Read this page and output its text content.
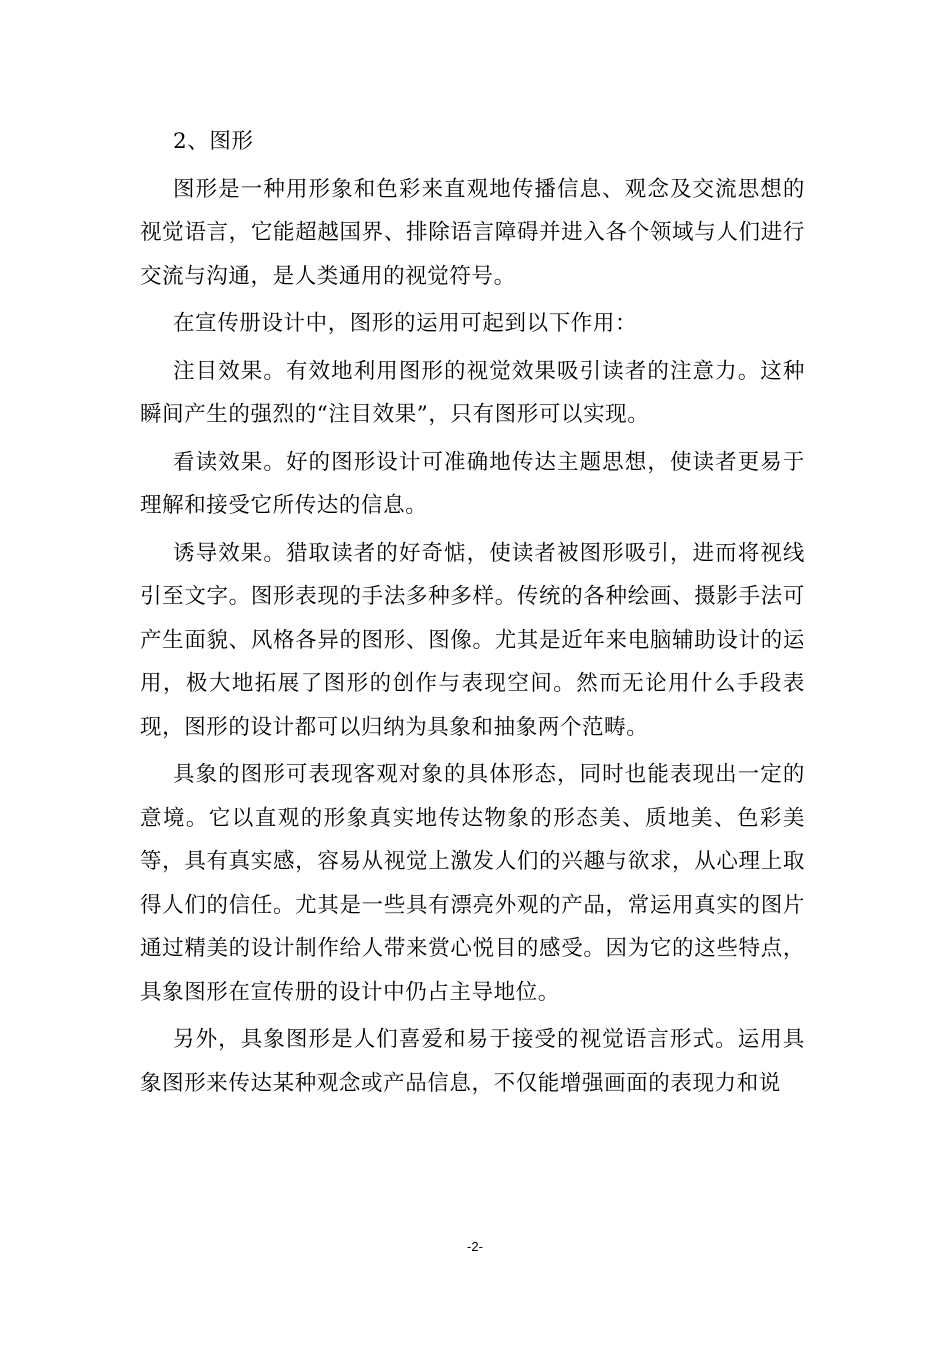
2、图形

图形是一种用形象和色彩来直观地传播信息、观念及交流思想的视觉语言，它能超越国界、排除语言障碍并进入各个领域与人们进行交流与沟通，是人类通用的视觉符号。

在宣传册设计中，图形的运用可起到以下作用：

注目效果。有效地利用图形的视觉效果吸引读者的注意力。这种瞬间产生的强烈的“注目效果”，只有图形可以实现。

看读效果。好的图形设计可准确地传达主题思想，使读者更易于理解和接受它所传达的信息。

诱导效果。猎取读者的好奇惦，使读者被图形吸引，进而将视线引至文字。图形表现的手法多种多样。传统的各种绘画、摄影手法可产生面貌、风格各异的图形、图像。尤其是近年来电脑辅助设计的运用，极大地拓展了图形的创作与表现空间。然而无论用什么手段表现，图形的设计都可以归纳为具象和抽象两个范畴。

具象的图形可表现客观对象的具体形态，同时也能表现出一定的意境。它以直观的形象真实地传达物象的形态美、质地美、色彩美等，具有真实感，容易从视觉上激发人们的兴趣与欲求，从心理上取得人们的信任。尤其是一些具有漂亮外观的产品，常运用真实的图片通过精美的设计制作给人带来赏心悦目的感受。因为它的这些特点，具象图形在宣传册的设计中仍占主导地位。

另外，具象图形是人们喜爱和易于接受的视觉语言形式。运用具象图形来传达某种观念或产品信息，不仅能增强画面的表现力和说

-2-
